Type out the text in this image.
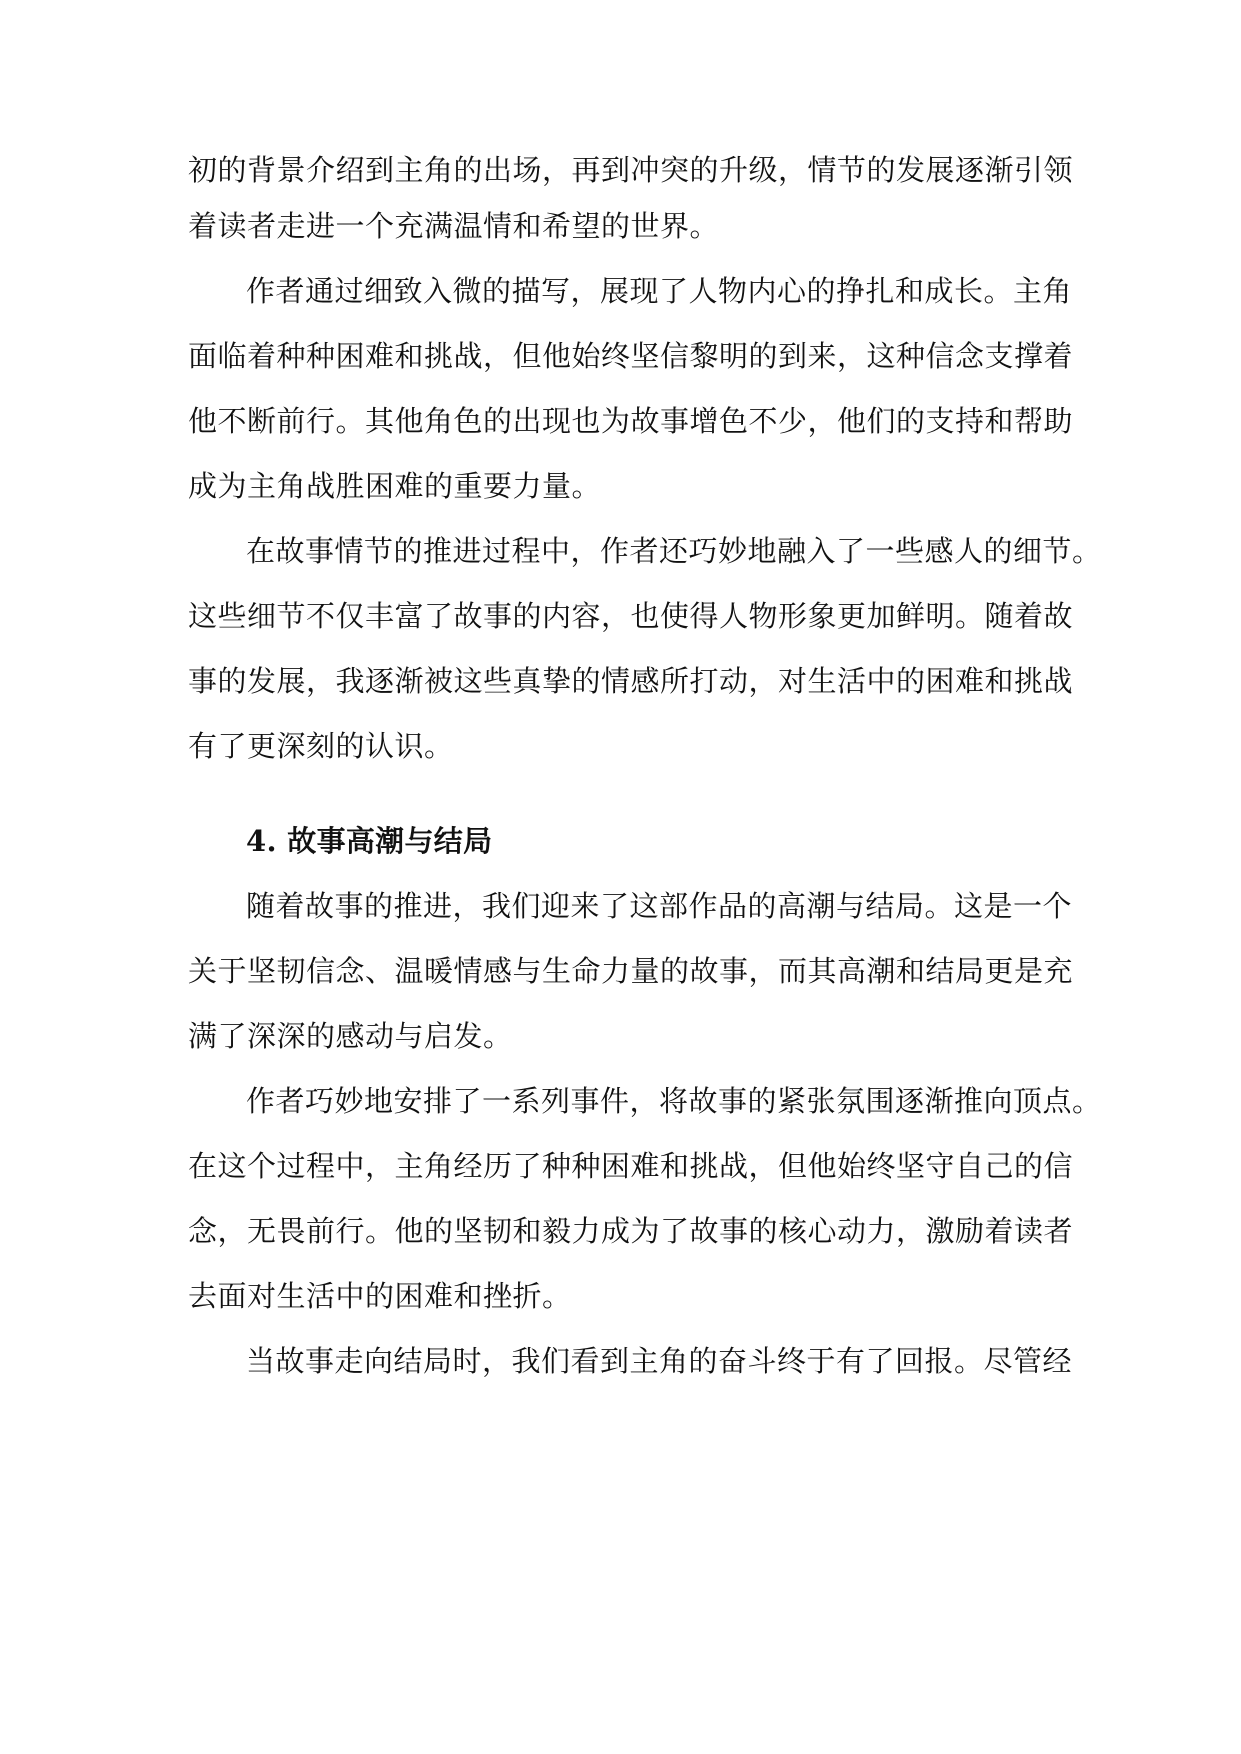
初的背景介绍到主角的出场，再到冲突的升级，情节的发展逐渐引领
着读者走进一个充满温情和希望的世界。
作者通过细致入微的描写，展现了人物内心的挣扎和成长。主角
面临着种种困难和挑战，但他始终坚信黎明的到来，这种信念支撑着
他不断前行。其他角色的出现也为故事增色不少，他们的支持和帮助
成为主角战胜困难的重要力量。
在故事情节的推进过程中，作者还巧妙地融入了一些感人的细节。
这些细节不仅丰富了故事的内容，也使得人物形象更加鲜明。随着故
事的发展，我逐渐被这些真挚的情感所打动，对生活中的困难和挑战
有了更深刻的认识。
4. 故事高潮与结局
随着故事的推进，我们迎来了这部作品的高潮与结局。这是一个
关于坚韧信念、温暖情感与生命力量的故事，而其高潮和结局更是充
满了深深的感动与启发。
作者巧妙地安排了一系列事件，将故事的紧张氛围逐渐推向顶点。
在这个过程中，主角经历了种种困难和挑战，但他始终坚守自己的信
念，无畏前行。他的坚韧和毅力成为了故事的核心动力，激励着读者
去面对生活中的困难和挫折。
当故事走向结局时，我们看到主角的奋斗终于有了回报。尽管经
